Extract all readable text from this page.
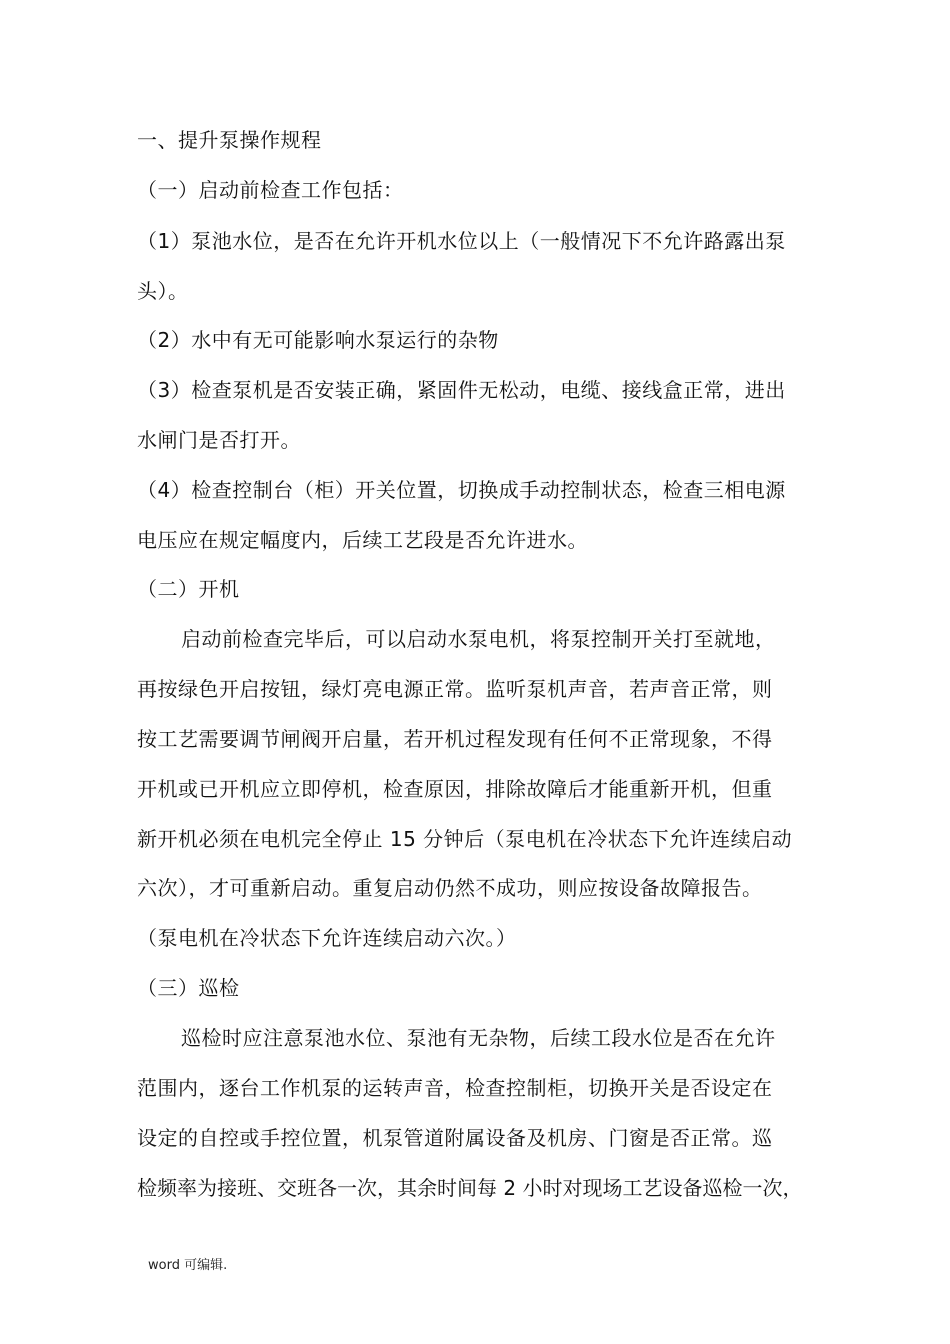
一、提升泵操作规程
（一）启动前检查工作包括：
（1）泵池水位，是否在允许开机水位以上（一般情况下不允许路露出泵
头）。
（2）水中有无可能影响水泵运行的杂物
（3）检查泵机是否安装正确，紧固件无松动，电缆、接线盒正常，进出
水闸门是否打开。
（4）检查控制台（柜）开关位置，切换成手动控制状态，检查三相电源
电压应在规定幅度内，后续工艺段是否允许进水。
（二）开机
启动前检查完毕后，可以启动水泵电机，将泵控制开关打至就地，
再按绿色开启按钮，绿灯亮电源正常。监听泵机声音，若声音正常，则
按工艺需要调节闸阀开启量，若开机过程发现有任何不正常现象，不得
开机或已开机应立即停机，检查原因，排除故障后才能重新开机，但重
新开机必须在电机完全停止 15 分钟后（泵电机在冷状态下允许连续启动
六次），才可重新启动。重复启动仍然不成功，则应按设备故障报告。
（泵电机在冷状态下允许连续启动六次。）
（三）巡检
巡检时应注意泵池水位、泵池有无杂物，后续工段水位是否在允许
范围内，逐台工作机泵的运转声音，检查控制柜，切换开关是否设定在
设定的自控或手控位置，机泵管道附属设备及机房、门窗是否正常。巡
检频率为接班、交班各一次，其余时间每 2 小时对现场工艺设备巡检一次，
word 可编辑.
